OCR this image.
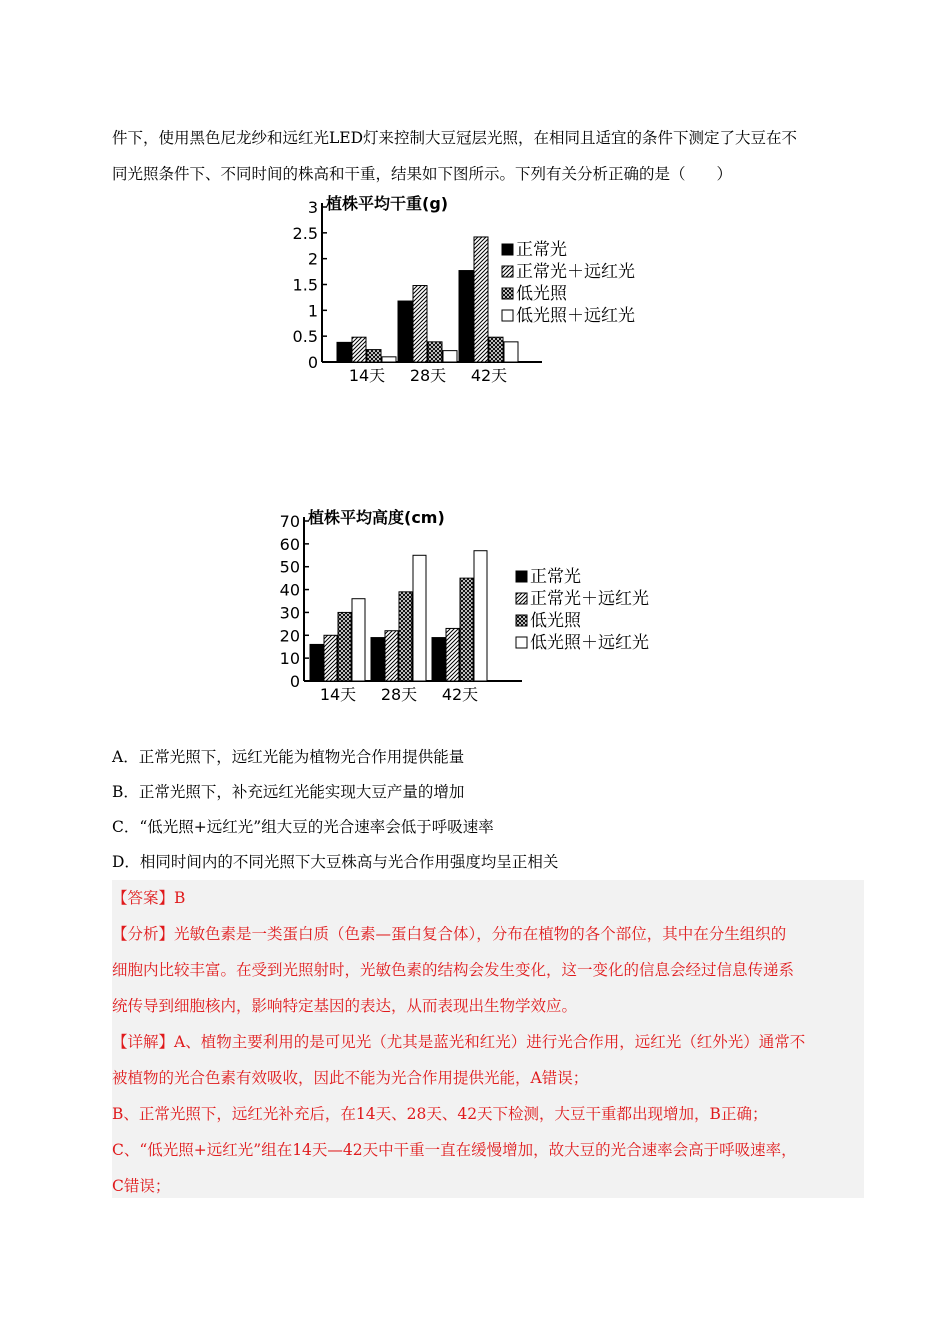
件下，使用黑色尼龙纱和远红光LED灯来控制大豆冠层光照，在相同且适宜的条件下测定了大豆在不

同光照条件下、不同时间的株高和干重，结果如下图所示。下列有关分析正确的是（　　）

0
0.5
1
1.5
2
2.5
3 植株平均干重(g)
14天 28天 42天
正常光
正常光＋远红光
低光照
低光照＋远红光
0
10
20
30
40
50
60
70 植株平均高度(cm)
14天 28天 42天
正常光
正常光＋远红光
低光照
低光照＋远红光

A．正常光照下，远红光能为植物光合作用提供能量

B．正常光照下，补充远红光能实现大豆产量的增加

C．“低光照+远红光”组大豆的光合速率会低于呼吸速率

D．相同时间内的不同光照下大豆株高与光合作用强度均呈正相关

【答案】B

【分析】光敏色素是一类蛋白质（色素—蛋白复合体），分布在植物的各个部位，其中在分生组织的

细胞内比较丰富。在受到光照射时，光敏色素的结构会发生变化，这一变化的信息会经过信息传递系

统传导到细胞核内，影响特定基因的表达，从而表现出生物学效应。

【详解】A、植物主要利用的是可见光（尤其是蓝光和红光）进行光合作用，远红光（红外光）通常不

被植物的光合色素有效吸收，因此不能为光合作用提供光能，A错误；

B、正常光照下，远红光补充后，在14天、28天、42天下检测，大豆干重都出现增加，B正确；

C、“低光照+远红光”组在14天—42天中干重一直在缓慢增加，故大豆的光合速率会高于呼吸速率，

C错误；
